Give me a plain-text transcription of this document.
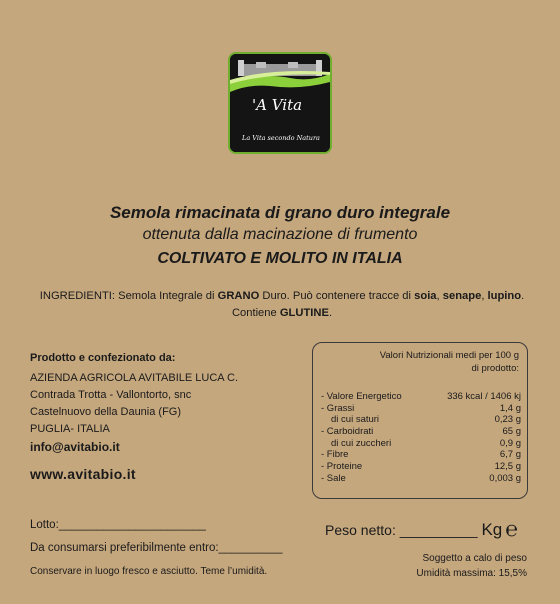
'A Vita
La Vita secondo Natura
Semola rimacinata di grano duro integrale
ottenuta dalla macinazione di frumento
COLTIVATO E MOLITO IN ITALIA
INGREDIENTI: Semola Integrale di GRANO Duro. Può contenere tracce di soia, senape, lupino.
Contiene GLUTINE.
Prodotto e confezionato da:
AZIENDA AGRICOLA AVITABILE LUCA C.
Contrada Trotta - Vallontorto, snc
Castelnuovo della Daunia (FG)
PUGLIA- ITALIA
info@avitabio.it
www.avitabio.it
Valori Nutrizionali medi per 100 g
di prodotto:
- Valore Energetico	336 kcal / 1406 kj
- Grassi	1,4 g
di cui saturi	0,23 g
- Carboidrati	65 g
di cui zuccheri	0,9 g
- Fibre	6,7 g
- Proteine	12,5 g
- Sale	0,003 g
Lotto:_______________________
Da consumarsi preferibilmente entro:__________
Conservare in luogo fresco e asciutto. Teme l’umidità.
Peso netto: __________ Kg ℮
Soggetto a calo di peso
Umidità massima: 15,5%
